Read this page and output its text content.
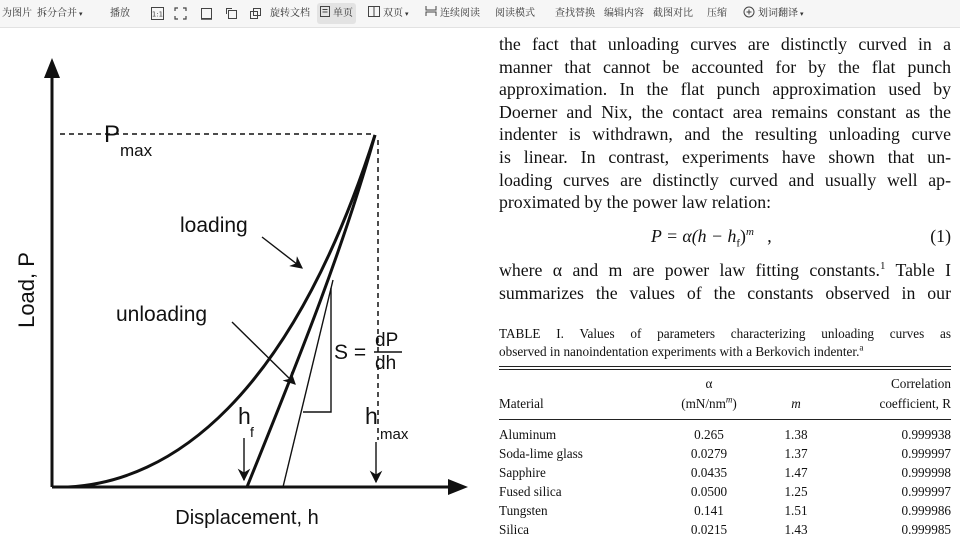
为图片 拆分合并 ▾	播放	1:1	旋转文档	单页	双页 ▾	连续阅读 阅读模式 查找替换 编辑内容 截图对比 压缩	划词翻译 ▾
Load, P
Displacement, h
P
max
loading
unloading
S =
dP
dh
h
f
h
max
the fact that unloading curves are distinctly curved in a
manner that cannot be accounted for by the flat punch
approximation. In the flat punch approximation used by
Doerner and Nix, the contact area remains constant as the
indenter is withdrawn, and the resulting unloading curve
is linear. In contrast, experiments have shown that un-
loading curves are distinctly curved and usually well ap-
proximated by the power law relation:
$P = \alpha(h - h_f)^m$   ,	(1)
where α and m are power law fitting constants.$^1$ Table I
summarizes the values of the constants observed in our
TABLE I. Values of parameters characterizing unloading curves as
observed in nanoindentation experiments with a Berkovich indenter.$^a$
α	Correlation
Material	$(mN/nm^m)$	m	coefficient, R
Aluminum	0.265	1.38	0.999938
Soda-lime glass	0.0279	1.37	0.999997
Sapphire	0.0435	1.47	0.999998
Fused silica	0.0500	1.25	0.999997
Tungsten	0.141	1.51	0.999986
Silica	0.0215	1.43	0.999985
